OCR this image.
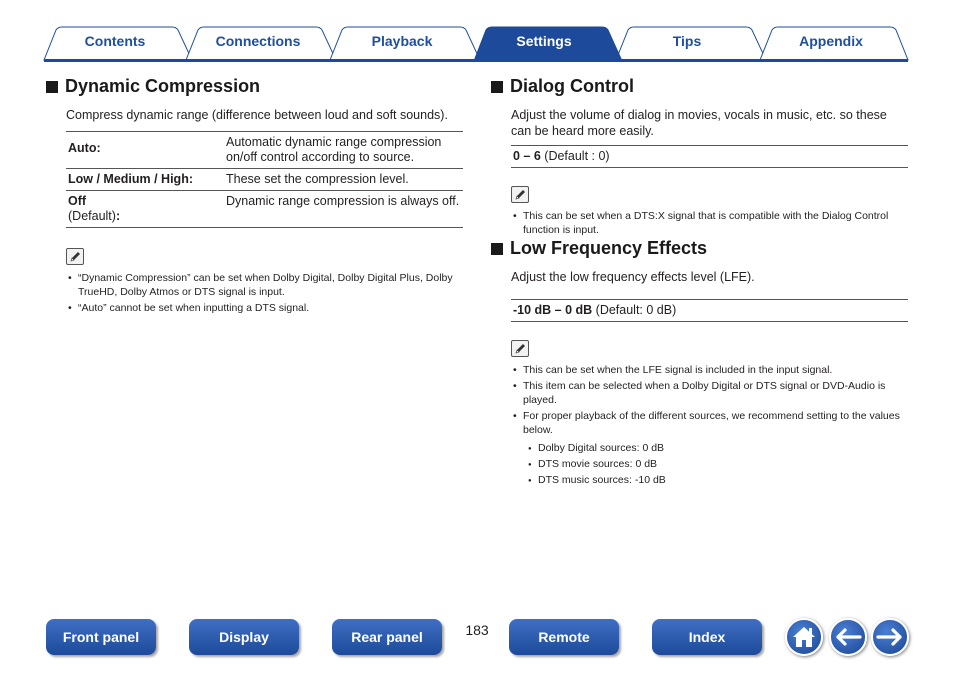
Contents	Connections	Playback	Settings	Tips	Appendix
Dynamic Compression
Compress dynamic range (difference between loud and soft sounds).
Auto:	Automatic dynamic range compression on/off control according to source.
Low / Medium / High:	These set the compression level.

Off
(Default):	Dynamic range compression is always off.
• “Dynamic Compression” can be set when Dolby Digital, Dolby Digital Plus, Dolby TrueHD, Dolby Atmos or DTS signal is input.
• “Auto” cannot be set when inputting a DTS signal.
Dialog Control
Adjust the volume of dialog in movies, vocals in music, etc. so these can be heard more easily.
0 – 6 (Default : 0)
• This can be set when a DTS:X signal that is compatible with the Dialog Control function is input.
Low Frequency Effects
Adjust the low frequency effects level (LFE).
-10 dB – 0 dB (Default: 0 dB)
• This can be set when the LFE signal is included in the input signal.
• This item can be selected when a Dolby Digital or DTS signal or DVD-Audio is played.
• For proper playback of the different sources, we recommend setting to the values below.
● Dolby Digital sources: 0 dB
● DTS movie sources: 0 dB
● DTS music sources: -10 dB
Front panel	Display	Rear panel	183	Remote	Index
